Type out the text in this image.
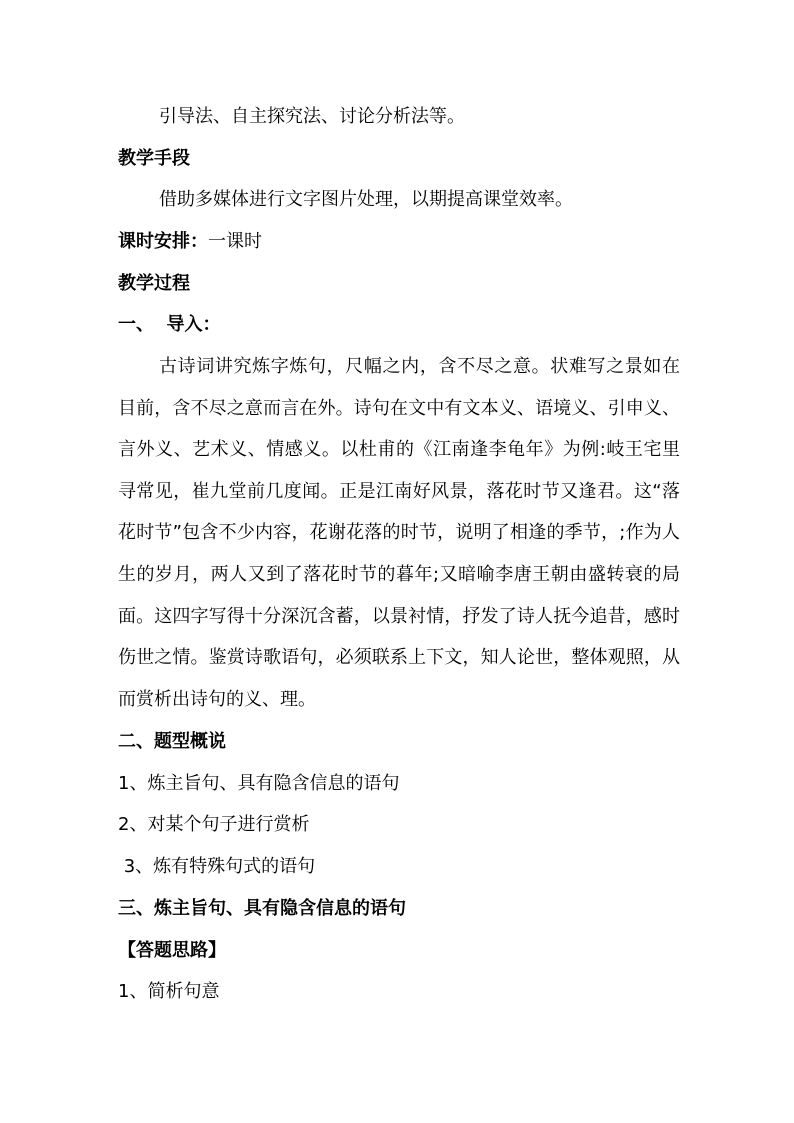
引导法、自主探究法、讨论分析法等。
教学手段
借助多媒体进行文字图片处理，以期提高课堂效率。
课时安排：一课时
教学过程
一、  导入：
古诗词讲究炼字炼句，尺幅之内，含不尽之意。状难写之景如在目前，含不尽之意而言在外。诗句在文中有文本义、语境义、引申义、言外义、艺术义、情感义。以杜甫的《江南逢李龟年》为例:岐王宅里寻常见，崔九堂前几度闻。正是江南好风景，落花时节又逢君。这“落花时节”包含不少内容，花谢花落的时节，说明了相逢的季节，;作为人生的岁月，两人又到了落花时节的暮年;又暗喻李唐王朝由盛转衰的局面。这四字写得十分深沉含蓄，以景衬情，抒发了诗人抚今追昔，感时伤世之情。鉴赏诗歌语句，必须联系上下文，知人论世，整体观照，从而赏析出诗句的义、理。
二、题型概说
1、炼主旨句、具有隐含信息的语句
2、对某个句子进行赏析
3、炼有特殊句式的语句
三、炼主旨句、具有隐含信息的语句
【答题思路】
1、简析句意
